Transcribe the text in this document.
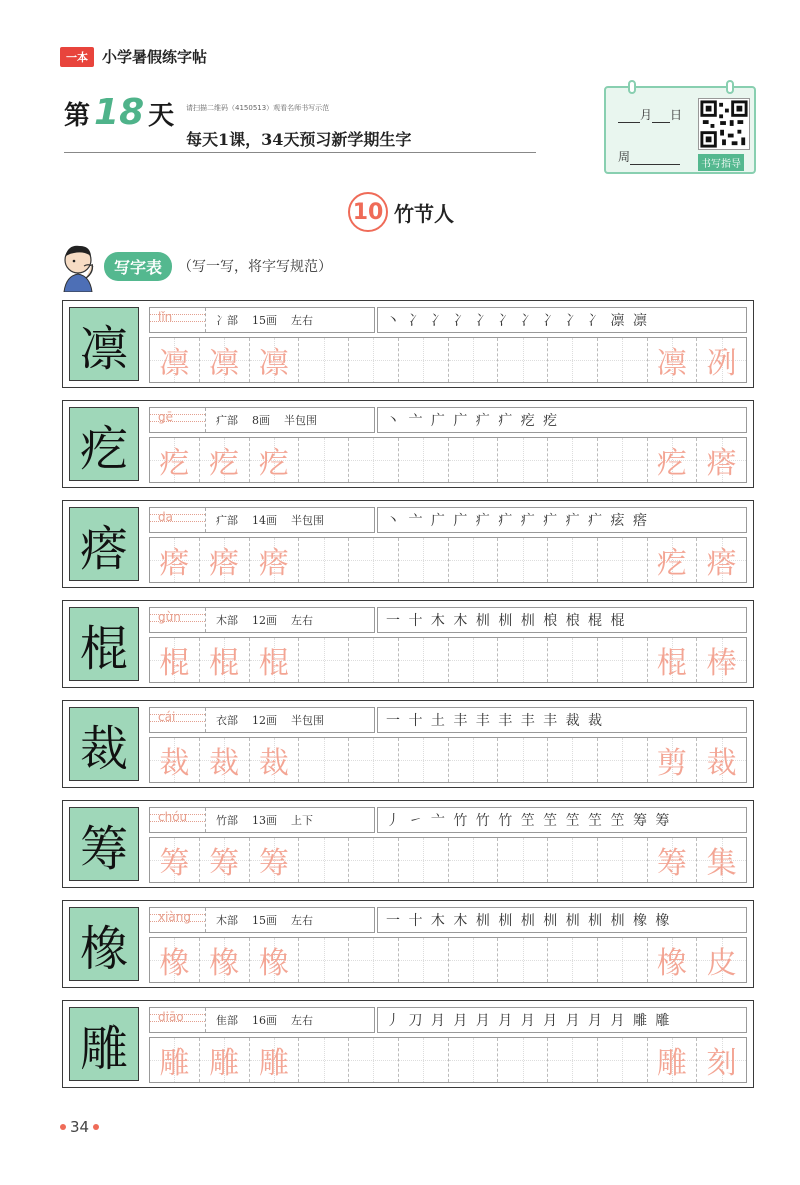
一本 小学暑假练字帖
第 18 天 请扫描二维码（4150513）观看名师书写示范
每天1课，34天预习新学期生字
月 日
周
书写指导
10 竹节人
写字表	（写一写，将字写规范）
凛
lǐn	冫部 15画 左右	丶 冫 冫 冫 冫 冫 冫 冫 冫 冫 凛 凛
凛 凛 凛	凛 冽
疙
gē	疒部 8画 半包围	丶 亠 广 广 疒 疒 疙 疙
疙 疙 疙	疙 瘩
瘩
da	疒部 14画 半包围	丶 亠 广 广 疒 疒 疒 疒 疒 疒 痃 瘩
瘩 瘩 瘩	疙 瘩
棍
gùn	木部 12画 左右	一 十 木 木 杊 杊 杊 桹 桹 棍 棍
棍 棍 棍	棍 棒
裁
cái	衣部 12画 半包围	一 十 土 丰 丰 丰 丰 丰 裁 裁
裁 裁 裁	剪 裁
筹
chóu	竹部 13画 上下	丿 ㇀ 亠 竹 竹 竹 笁 笁 笁 笁 笁 筹 筹
筹 筹 筹	筹 集
橡
xiàng 木部 15画 左右	一 十 木 木 杊 杊 杊 杊 杊 杊 杊 橡 橡
橡 橡 橡	橡 皮
雕
diāo	隹部 16画 左右	丿 刀 月 月 月 月 月 月 月 月 月 雕 雕
雕 雕 雕	雕 刻
34
